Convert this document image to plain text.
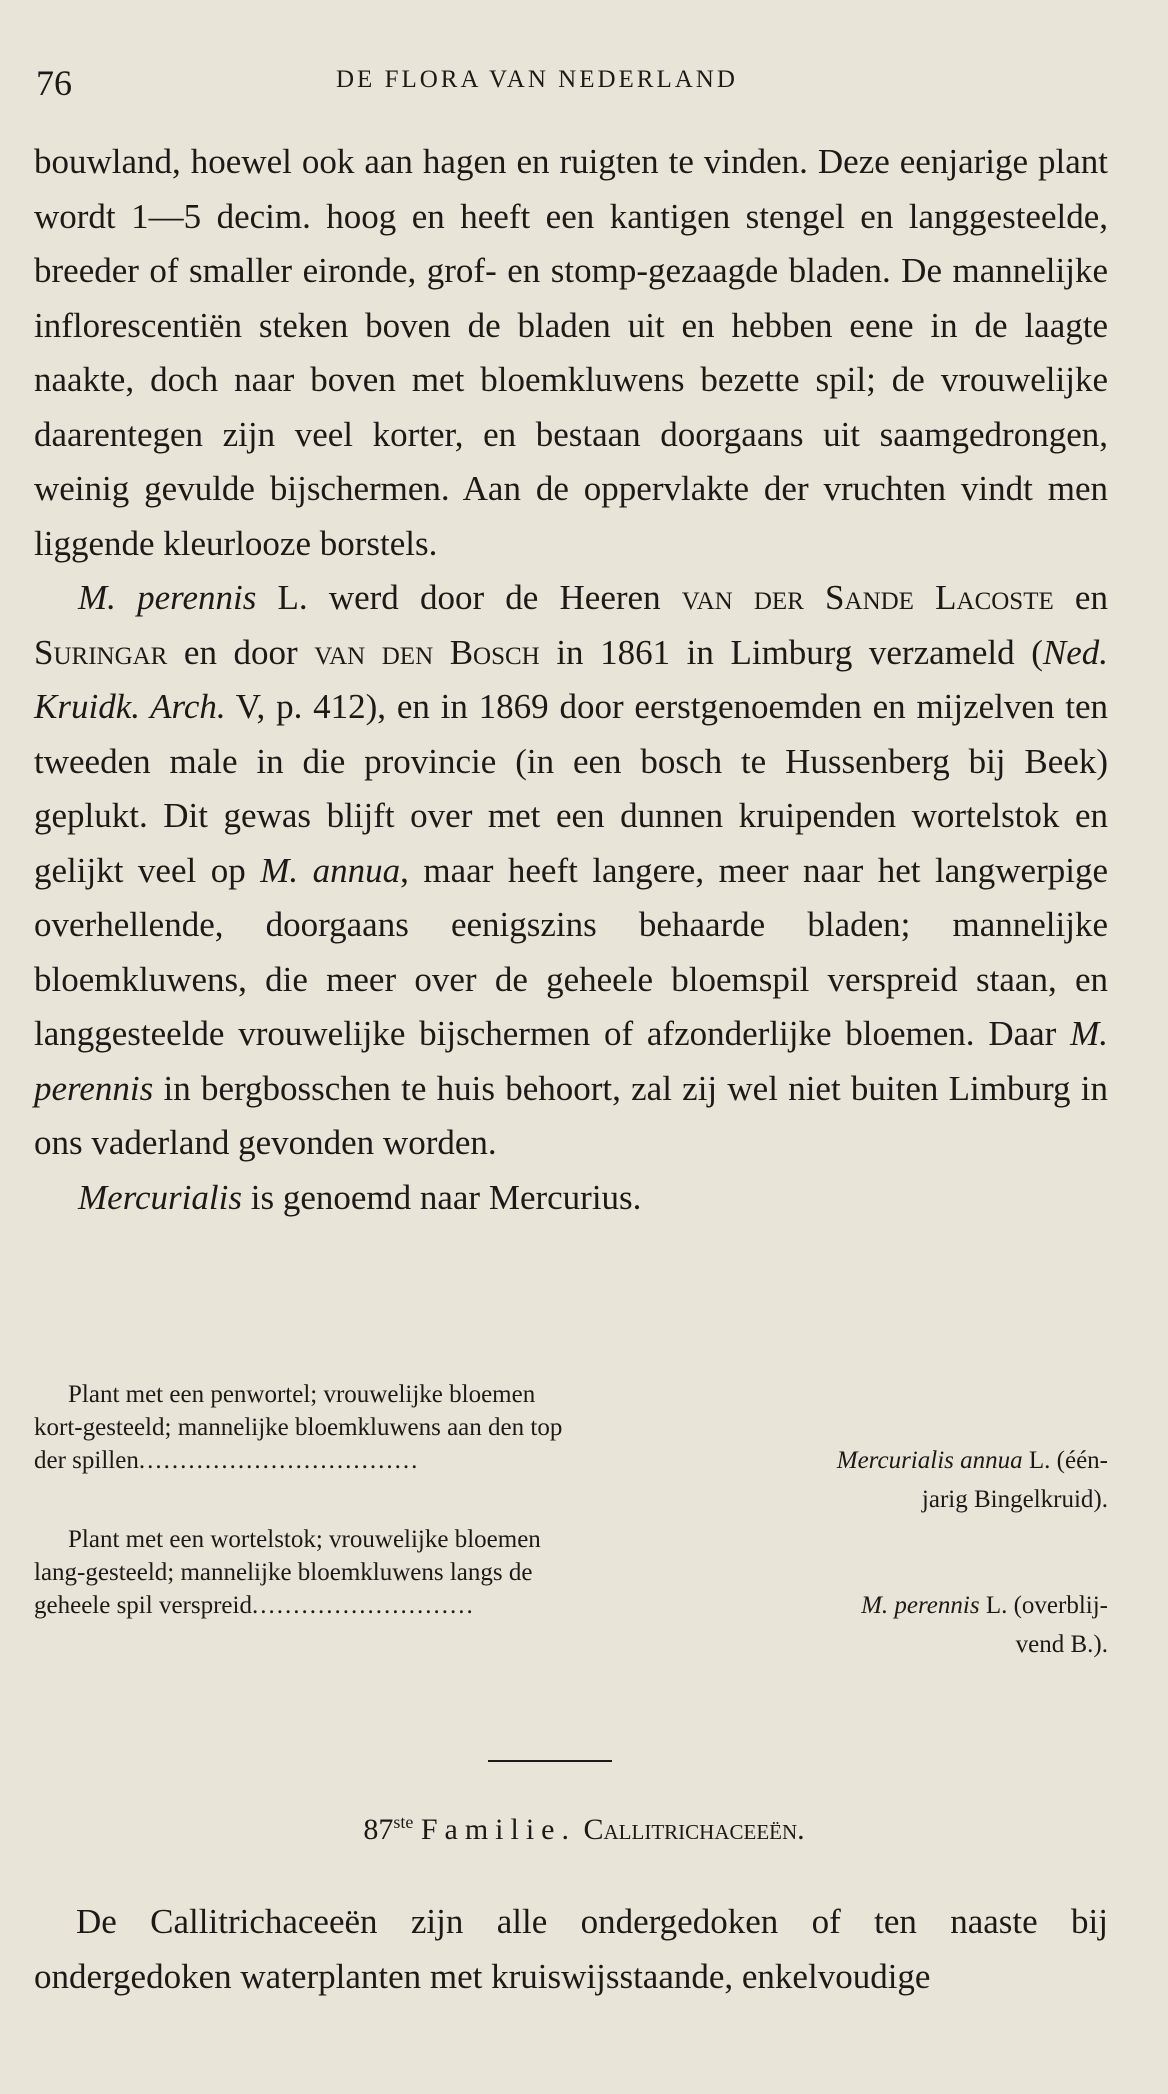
76	DE FLORA VAN NEDERLAND

bouwland, hoewel ook aan hagen en ruigten te vinden. Deze eenjarige plant wordt 1—5 decim. hoog en heeft een kantigen stengel en langgesteelde, breeder of smaller eironde, grof- en stomp-gezaagde bladen. De mannelijke inflorescentiën steken boven de bladen uit en hebben eene in de laagte naakte, doch naar boven met bloemkluwens bezette spil; de vrouwelijke daarentegen zijn veel korter, en bestaan doorgaans uit saamgedrongen, weinig gevulde bijschermen. Aan de oppervlakte der vruchten vindt men liggende kleurlooze borstels.

M. perennis L. werd door de Heeren van der Sande Lacoste en Suringar en door van den Bosch in 1861 in Limburg verzameld (Ned. Kruidk. Arch. V, p. 412), en in 1869 door eerstgenoemden en mijzelven ten tweeden male in die provincie (in een bosch te Hussenberg bij Beek) geplukt. Dit gewas blijft over met een dunnen kruipenden wortelstok en gelijkt veel op M. annua, maar heeft langere, meer naar het langwerpige overhellende, doorgaans eenigszins behaarde bladen; mannelijke bloemkluwens, die meer over de geheele bloemspil verspreid staan, en langgesteelde vrouwelijke bijschermen of afzonderlijke bloemen. Daar M. perennis in bergbosschen te huis behoort, zal zij wel niet buiten Limburg in ons vaderland gevonden worden.

Mercurialis is genoemd naar Mercurius.

Plant met een penwortel; vrouwelijke bloemen
kort-gesteeld; mannelijke bloemkluwens aan den top
der spillen..................................	Mercurialis annua L. (één-
jarig Bingelkruid).
Plant met een wortelstok; vrouwelijke bloemen
lang-gesteeld; mannelijke bloemkluwens langs de
geheele spil verspreid...........................	M. perennis L. (overblij-
vend B.).
87ste Familie. Callitrichaceeën.

De Callitrichaceeën zijn alle ondergedoken of ten naaste bij ondergedoken waterplanten met kruiswijsstaande, enkelvoudige
